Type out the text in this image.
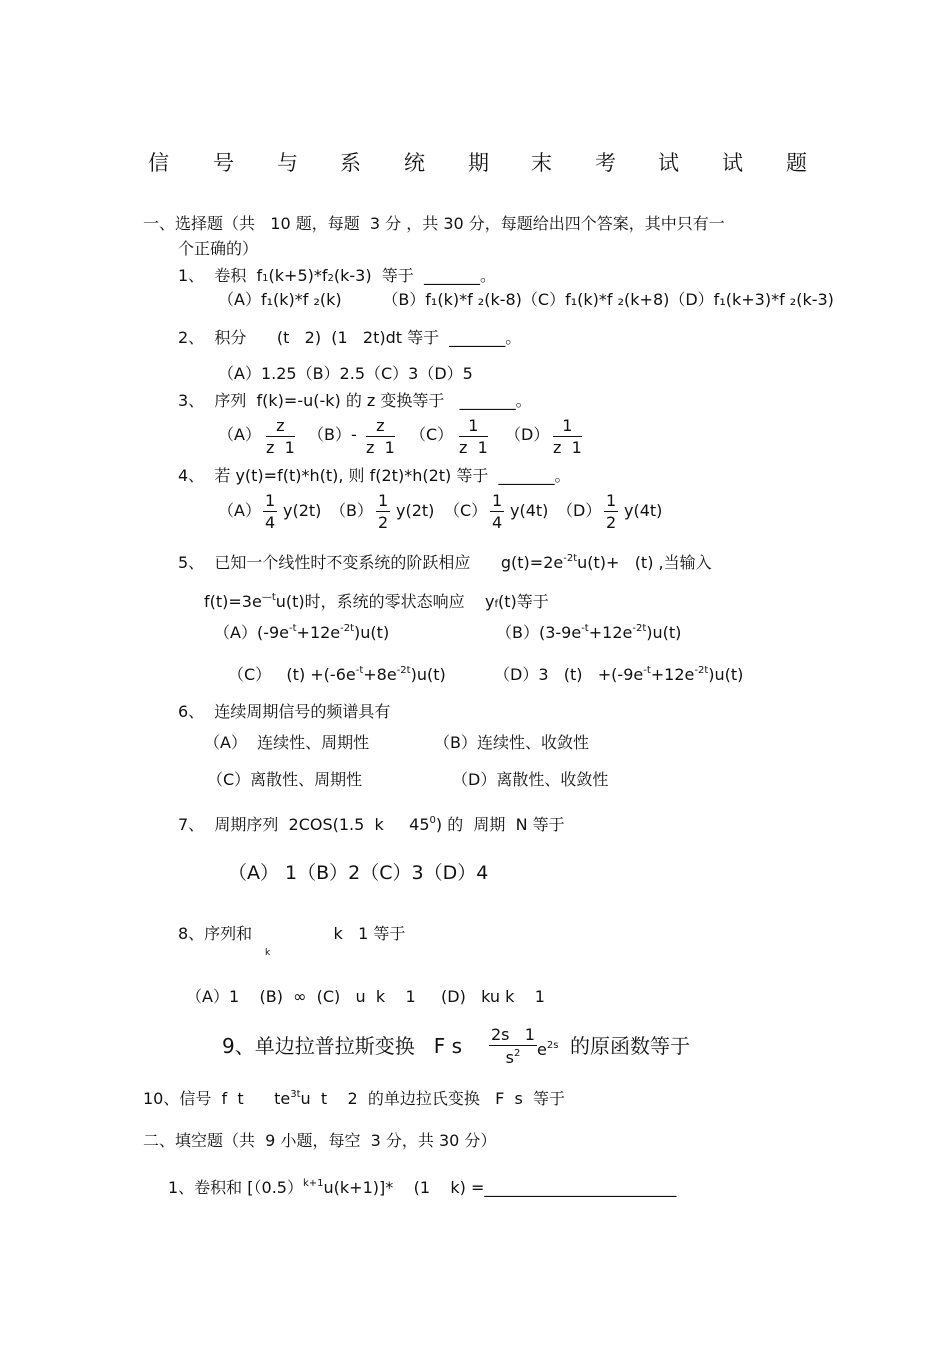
信 号 与 系 统 期 末 考 试 试 题
一、选择题（共   10 题，每题  3 分 ，共 30 分，每题给出四个答案，其中只有一
个正确的）
1、  卷积  f1(k+5)*f2(k-3)  等于  _______。
（A）f₁(k)*f ₂(k)        （B）f₁(k)*f ₂(k-8)（C）f₁(k)*f ₂(k+8)（D）f₁(k+3)*f ₂(k-3)
2、  积分      (t   2)  (1   2t)dt 等于  _______。
（A）1.25（B）2.5（C）3（D）5
3、  序列  f(k)=-u(-k) 的 z 变换等于   _______。
$(A) \frac{z}{z 1} (B)- \frac{z}{z 1} (C) \frac{1}{z 1} (D) \frac{1}{z 1}$
4、  若 y(t)=f(t)*h(t), 则 f(2t)*h(2t) 等于  _______。
$(A) \frac{1}{4} y(2t)$ $(B) \frac{1}{2} y(2t)$ $(C) \frac{1}{4} y(4t)$ $(D) \frac{1}{2} y(4t)$
5、  已知一个线性时不变系统的阶跃相应      $g(t)=2e^{-2t}u(t)+ (t)$ ,当输入
$f(t)=3e^{—t}u(t)$时，系统的零状态响应    yf(t)等于
$(A)(-9e^{-t}+12e^{-2t})u(t)$	$(B)(3-9e^{-t}+12e^{-2t})u(t)$
（C）   $(t) +(-6e^{-t}+8e^{-2t})u(t)$	（D）3   $(t) +(-9e^{-t}+12e^{-2t})u(t)$
6、  连续周期信号的频谱具有
（A）  连续性、周期性	（B）连续性、收敛性
（C）离散性、周期性	（D）离散性、收敛性
7、  周期序列  2COS(1.5  k     $45^0$) 的  周期  N 等于
（A） 1（B）2（C）3（D）4
8、序列和                k   1 等于
k
（A）1    (B)  ∞  (C)   u  k    1     (D)   ku k    1
9、单边拉普拉斯变换   F s $\frac{2s 1}{s^2} e^{2s}$ 的原函数等于
10、信号  f  t      $te^{3t}u$  t    2  的单边拉氏变换   F  s  等于
二、填空题（共  9 小题，每空  3 分，共 30 分）
1、卷积和 $[(0.5)^{k+1}u(k+1)]*$    (1    k) =________________________
